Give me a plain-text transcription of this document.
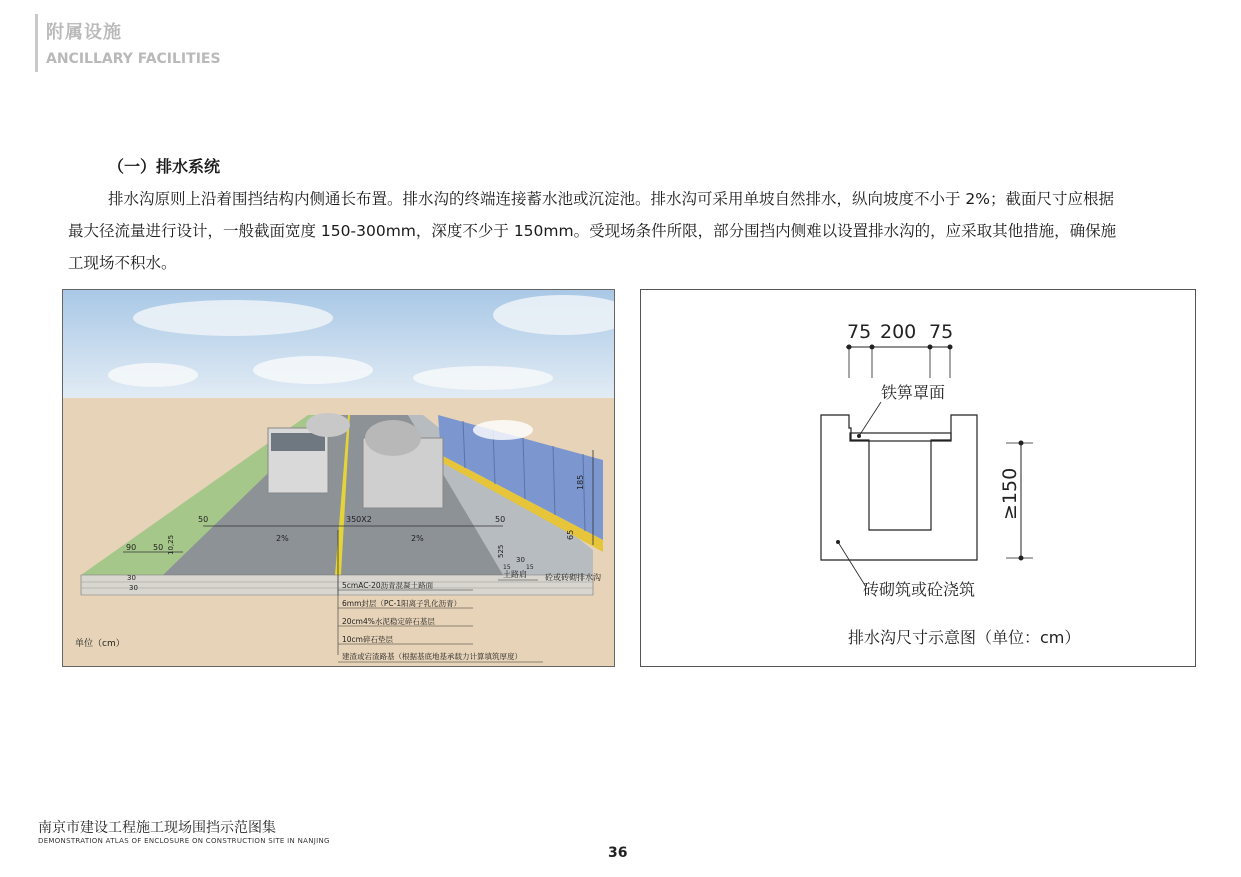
附属设施
ANCILLARY FACILITIES
（一）排水系统
排水沟原则上沿着围挡结构内侧通长布置。排水沟的终端连接蓄水池或沉淀池。排水沟可采用单坡自然排水，纵向坡度不小于 2%；截面尺寸应根据
最大径流量进行设计，一般截面宽度 150-300mm，深度不少于 150mm。受现场条件所限，部分围挡内侧难以设置排水沟的，应采取其他措施，确保施
工现场不积水。
50	350X2	50
2%	2%
185
65
90 50 10,25
30
30
525
30
15	15
土路肩 砼或砖砌排水沟
5cmAC-20沥青混凝土路面
6mm封层（PC-1阳离子乳化沥青）
20cm4%水泥稳定碎石基层
10cm碎石垫层
建渣或宕渣路基（根据基底地基承载力计算填筑厚度）
单位（cm）
75 200 75
铁箅罩面
≥150
砖砌筑或砼浇筑
排水沟尺寸示意图（单位：cm）
南京市建设工程施工现场围挡示范图集
DEMONSTRATION ATLAS OF ENCLOSURE ON CONSTRUCTION SITE IN NANJING
36
